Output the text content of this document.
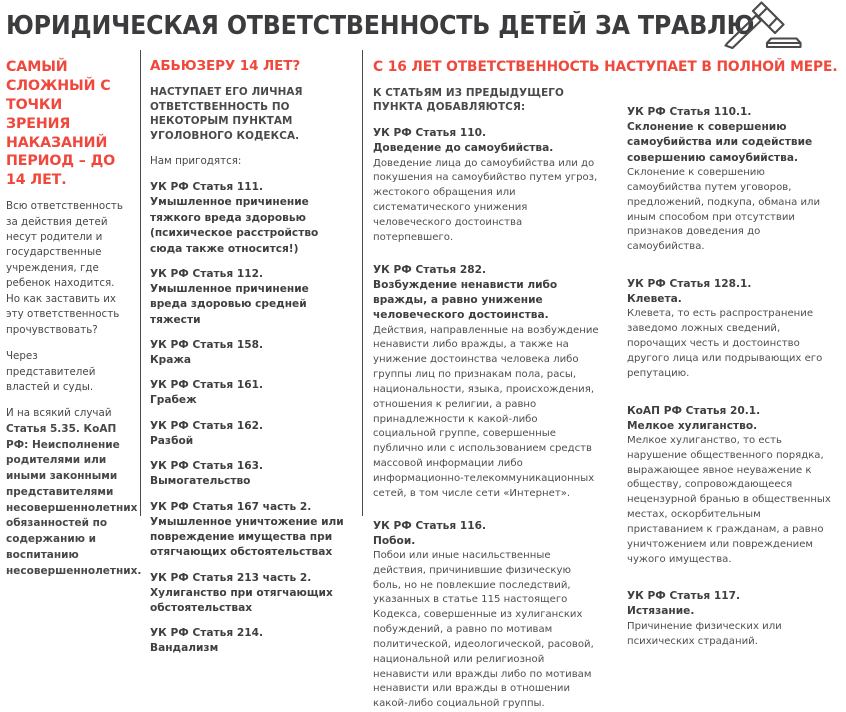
ЮРИДИЧЕСКАЯ ОТВЕТСТВЕННОСТЬ ДЕТЕЙ ЗА ТРАВЛЮ

САМЫЙ СЛОЖНЫЙ С ТОЧКИ ЗРЕНИЯ НАКАЗАНИЙ ПЕРИОД – ДО 14 ЛЕТ.

Всю ответственность за действия детей несут родители и государственные учреждения, где ребенок находится. Но как заставить их эту ответственность прочувствовать?

Через представителей властей и суды.

И на всякий случай

Статья 5.35. КоАП РФ: Неисполнение родителями или иными законными представителями несовершеннолетних обязанностей по содержанию и воспитанию несовершеннолетних.

АБЬЮЗЕРУ 14 ЛЕТ?

НАСТУПАЕТ ЕГО ЛИЧНАЯ ОТВЕТСТВЕННОСТЬ ПО НЕКОТОРЫМ ПУНКТАМ УГОЛОВНОГО КОДЕКСА.

Нам пригодятся:

УК РФ Статья 111.

Умышленное причинение тяжкого вреда здоровью (психическое расстройство сюда также относится!)

УК РФ Статья 112.

Умышленное причинение вреда здоровью средней тяжести

УК РФ Статья 158.

Кража

УК РФ Статья 161.

Грабеж

УК РФ Статья 162.

Разбой

УК РФ Статья 163.

Вымогательство

УК РФ Статья 167 часть 2.

Умышленное уничтожение или повреждение имущества при отягчающих обстоятельствах

УК РФ Статья 213 часть 2.

Хулиганство при отягчающих обстоятельствах

УК РФ Статья 214.

Вандализм

С 16 ЛЕТ ОТВЕТСТВЕННОСТЬ НАСТУПАЕТ В ПОЛНОЙ МЕРЕ.

К СТАТЬЯМ ИЗ ПРЕДЫДУЩЕГО ПУНКТА ДОБАВЛЯЮТСЯ:

УК РФ Статья 110.

Доведение до самоубийства.

Доведение лица до самоубийства или до покушения на самоубийство путем угроз, жестокого обращения или систематического унижения человеческого достоинства потерпевшего.

УК РФ Статья 282.

Возбуждение ненависти либо вражды, а равно унижение человеческого достоинства.

Действия, направленные на возбуждение ненависти либо вражды, а также на унижение достоинства человека либо группы лиц по признакам пола, расы, национальности, языка, происхождения, отношения к религии, а равно принадлежности к какой-либо социальной группе, совершенные публично или с использованием средств массовой информации либо информационно-телекоммуникационных сетей, в том числе сети «Интернет».

УК РФ Статья 116.

Побои.

Побои или иные насильственные действия, причинившие физическую боль, но не повлекшие последствий, указанных в статье 115 настоящего Кодекса, совершенные из хулиганских побуждений, а равно по мотивам политической, идеологической, расовой, национальной или религиозной ненависти или вражды либо по мотивам ненависти или вражды в отношении какой-либо социальной группы.

УК РФ Статья 110.1.

Склонение к совершению самоубийства или содействие совершению самоубийства.

Склонение к совершению самоубийства путем уговоров, предложений, подкупа, обмана или иным способом при отсутствии признаков доведения до самоубийства.

УК РФ Статья 128.1.

Клевета.

Клевета, то есть распространение заведомо ложных сведений, порочащих честь и достоинство другого лица или подрывающих его репутацию.

КоАП РФ Статья 20.1.

Мелкое хулиганство.

Мелкое хулиганство, то есть нарушение общественного порядка, выражающее явное неуважение к обществу, сопровождающееся нецензурной бранью в общественных местах, оскорбительным приставанием к гражданам, а равно уничтожением или повреждением чужого имущества.

УК РФ Статья 117.

Истязание.

Причинение физических или психических страданий.
